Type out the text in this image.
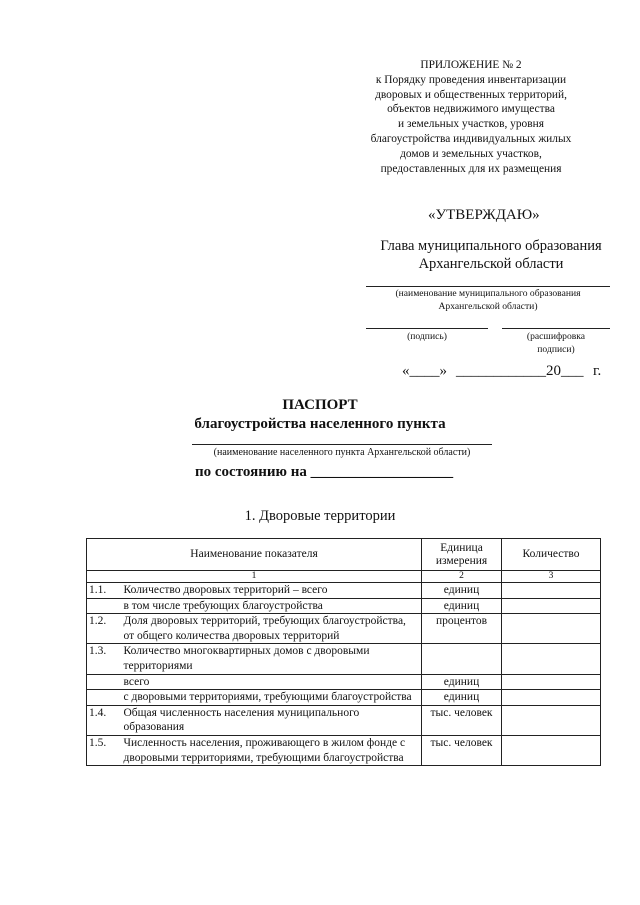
ПРИЛОЖЕНИЕ № 2
к Порядку проведения инвентаризации
дворовых и общественных территорий,
объектов недвижимого имущества
и земельных участков, уровня
благоустройства индивидуальных жилых
домов и земельных участков,
предоставленных для их размещения
«УТВЕРЖДАЮ»
Глава муниципального образования
Архангельской области
(наименование муниципального образования
Архангельской области)
(подпись)	(расшифровка
подписи)
«____» ____________ 20___ г.
ПАСПОРТ
благоустройства населенного пункта
(наименование населенного пункта Архангельской области)
по состоянию на ___________________
1. Дворовые территории
Наименование показателя		Единица измерения	Количество
1		2	3
1.1.	Количество дворовых территорий – всего	единиц	
	в том числе требующих благоустройства	единиц	
1.2.	Доля дворовых территорий, требующих благоустройства, от общего количества дворовых территорий	процентов	
1.3.	Количество многоквартирных домов с дворовыми территориями		
	всего	единиц	
	с дворовыми территориями, требующими благоустройства	единиц	
1.4.	Общая численность населения муниципального образования	тыс. человек	
1.5.	Численность населения, проживающего в жилом фонде с дворовыми территориями, требующими благоустройства	тыс. человек	
